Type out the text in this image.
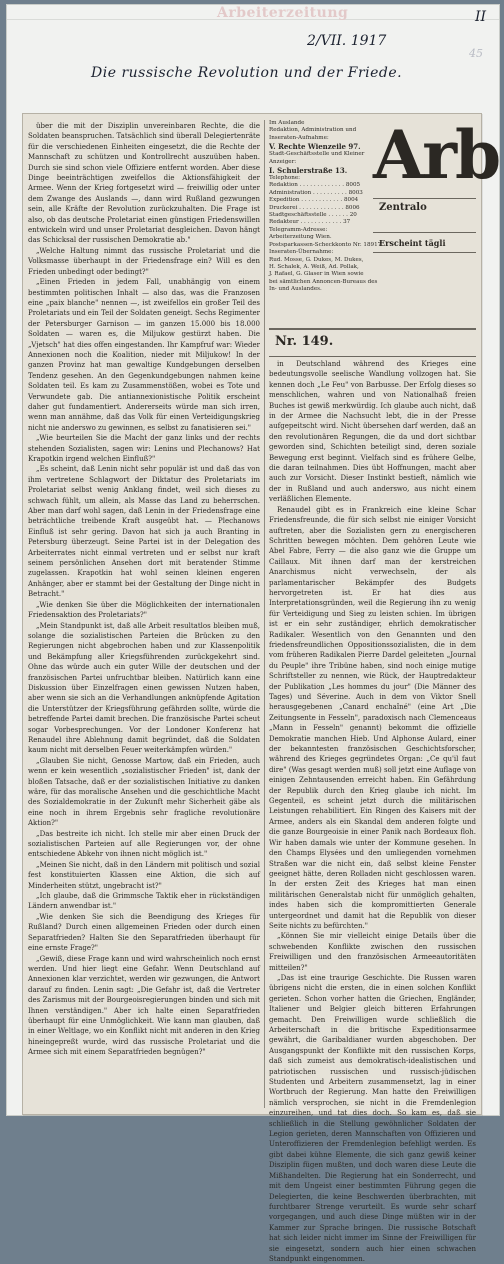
Arbeiterzeitung	II
2/VII. 1917
45
Die russische Revolution und der Friede.

über die mit der Disziplin unvereinbaren Rechte, die die Soldaten beanspruchen. Tatsächlich sind überall Delegiertenräte für die verschiedenen Einheiten eingesetzt, die die Rechte der Mannschaft zu schützen und Kontrollrecht auszuüben haben. Durch sie sind schon viele Offiziere entfernt worden. Aber diese Dinge beeinträchtigen zweifellos die Aktionsfähigkeit der Armee. Wenn der Krieg fortgesetzt wird — freiwillig oder unter dem Zwange des Auslands —, dann wird Rußland gezwungen sein, alle Kräfte der Revolution zurückzuhalten. Die Frage ist also, ob das deutsche Proletariat einen günstigen Friedenswillen entwickeln wird und unser Proletariat desgleichen. Davon hängt das Schicksal der russischen Demokratie ab."

„Welche Haltung nimmt das russische Proletariat und die Volksmasse überhaupt in der Friedensfrage ein? Will es den Frieden unbedingt oder bedingt?"

„Einen Frieden in jedem Fall, unabhängig von einem bestimmten politischen Inhalt — also das, was die Franzosen eine „paix blanche" nennen —, ist zweifellos ein großer Teil des Proletariats und ein Teil der Soldaten geneigt. Sechs Regimenter der Petersburger Garnison — im ganzen 15.000 bis 18.000 Soldaten — waren es, die Miljukow gestürzt haben. Die „Vjetsch" hat dies offen eingestanden. Ihr Kampfruf war: Wieder Annexionen noch die Koalition, nieder mit Miljukow! In der ganzen Provinz hat man gewaltige Kundgebungen derselben Tendenz gesehen. An den Gegenkundgebungen nahmen keine Soldaten teil. Es kam zu Zusammenstößen, wobei es Tote und Verwundete gab. Die antiannexionistische Politik erscheint daher gut fundamentiert. Andererseits würde man sich irren, wenn man annähme, daß das Volk für einen Verteidigungskrieg nicht nie anderswo zu gewinnen, es selbst zu fanatisieren sei."

„Wie beurteilen Sie die Macht der ganz links und der rechts stehenden Sozialisten, sagen wir: Lenins und Plechanows? Hat Krapotkin irgend welchen Einfluß?"

„Es scheint, daß Lenin nicht sehr populär ist und daß das von ihm vertretene Schlagwort der Diktatur des Proletariats im Proletariat selbst wenig Anklang findet, weil sich dieses zu schwach fühlt, um allein, als Masse das Land zu beherrschen. Aber man darf wohl sagen, daß Lenin in der Friedensfrage eine beträchtliche treibende Kraft ausgeübt hat. — Plechanows Einfluß ist sehr gering. Davon hat sich ja auch Branting in Petersburg überzeugt. Seine Partei ist in der Delegation des Arbeiterrates nicht einmal vertreten und er selbst nur kraft seinem persönlichen Ansehen dort mit beratender Stimme zugelassen. Krapotkin hat wohl seinen kleinen engeren Anhänger, aber er stammt bei der Gestaltung der Dinge nicht in Betracht."

„Wie denken Sie über die Möglichkeiten der internationalen Friedensaktion des Proletariats?"

„Mein Standpunkt ist, daß alle Arbeit resultatlos bleiben muß, solange die sozialistischen Parteien die Brücken zu den Regierungen nicht abgebrochen haben und zur Klassenpolitik und Bekämpfung aller Kriegsführenden zurückgekehrt sind. Ohne das würde auch ein guter Wille der deutschen und der französischen Partei unfruchtbar bleiben. Natürlich kann eine Diskussion über Einzelfragen einen gewissen Nutzen haben, aber wenn sie sich an die Verhandlungen anknüpfende Agitation die Unterstützer der Kriegsführung gefährden sollte, würde die betreffende Partei damit brechen. Die französische Partei scheut sogar Vorbesprechungen. Vor der Londoner Konferenz hat Renaudel ihre Ablehnung damit begründet, daß die Soldaten kaum nicht mit derselben Feuer weiterkämpfen würden."

„Glauben Sie nicht, Genosse Martow, daß ein Frieden, auch wenn er kein wesentlich „sozialistischer Frieden" ist, dank der bloßen Tatsache, daß er der sozialistischen Initiative zu danken wäre, für das moralische Ansehen und die geschichtliche Macht des Sozialdemokratie in der Zukunft mehr Sicherheit gäbe als eine noch in ihrem Ergebnis sehr fragliche revolutionäre Aktion?"

„Das bestreite ich nicht. Ich stelle mir aber einen Druck der sozialistischen Parteien auf alle Regierungen vor, der ohne entschiedene Abkehr von ihnen nicht möglich ist."

„Meinen Sie nicht, daß in den Ländern mit politisch und sozial fest konstituierten Klassen eine Aktion, die sich auf Minderheiten stützt, ungebracht ist?"

„Ich glaube, daß die Grimmsche Taktik eher in rückständigen Ländern anwendbar ist."

„Wie denken Sie sich die Beendigung des Krieges für Rußland? Durch einen allgemeinen Frieden oder durch einen Separatfrieden? Halten Sie den Separatfrieden überhaupt für eine ernste Frage?"

„Gewiß, diese Frage kann und wird wahrscheinlich noch ernst werden. Und hier liegt eine Gefahr. Wenn Deutschland auf Annexionen klar verzichtet, werden wir gezwungen, die Antwort darauf zu finden. Lenin sagt: „Die Gefahr ist, daß die Vertreter des Zarismus mit der Bourgeoisregierungen binden und sich mit Ihnen verständigen." Aber ich halte einen Separatfrieden überhaupt für eine Unmöglichkeit. Wie kann man glauben, daß in einer Weltlage, wo ein Konflikt nicht mit anderen in den Krieg hineingepreßt wurde, wird das russische Proletariat und die Armee sich mit einem Separatfrieden begnügen?"

Im Auslande
Redaktion, Administration und
Inseraten-Aufnahme:
V. Rechte Wienzeile 97.
Stadt-Geschäftsstelle und Kleiner
Anzeiger:
I. Schulerstraße 13.
Telephone:
Redaktion . . . . . . . . . . . . . 8005
Administration . . . . . . . . . . 8003
Expedition . . . . . . . . . . . . 8004
Druckerei . . . . . . . . . . . . . 8006
Stadtgeschäftsstelle . . . . . . 20
Redakteur . . . . . . . . . . . . 37
Telegramm-Adresse:
Arbeiterzeitung Wien.
Postsparkassen-Scheckkonto Nr. 18917.
Inseraten-Übernahme:
Rud. Mosse, G. Dukes, M. Dukes,
H. Schalek, A. Weiß, Ad. Pollak,
J. Rafael, G. Glaser in Wien sowie
bei sämtlichen Annoncen-Bureaus des
In- und Auslandes.
Arb
Zentralo
Erscheint tägli
Nr. 149.

in Deutschland während des Krieges eine bedeutungsvolle seelische Wandlung vollzogen hat. Sie kennen doch „Le Feu" von Barbusse. Der Erfolg dieses so menschlichen, wahren und von Nationalhaß freien Buches ist gewiß merkwürdig. Ich glaube auch nicht, daß in der Armee die Nachsucht lebt, die in der Presse aufgepeitscht wird. Nicht übersehen darf werden, daß an den revolutionären Regungen, die da und dort sichtbar geworden sind, Schichten beteiligt sind, deren soziale Bewegung erst beginnt. Vielfach sind es frühere Gelbe, die daran teilnahmen. Dies übt Hoffnungen, macht aber auch zur Vorsicht. Dieser Instinkt bestieft, nämlich wie der in Rußland und auch anderswo, aus nicht einem verläßlichen Elemente.

Renaudel gibt es in Frankreich eine kleine Schar Friedensfreunde, die für sich selbst nie einiger Vorsicht auftreten, aber die Sozialisten gern zu energischeren Schritten bewegen möchten. Dem gehören Leute wie Abel Fabre, Ferry — die also ganz wie die Gruppe um Caillaux. Mit ihnen darf man der kerstreichen Anarchismus nicht verwechseln, der als parlamentarischer Bekämpfer des Budgets hervorgetreten ist. Er hat dies aus Interpretationsgründen, weil die Regierung ihn zu wenig für Verteidigung und Sieg zu leisten schien. Im übrigen ist er ein sehr zuständiger, ehrlich demokratischer Radikaler. Wesentlich von den Genannten und den friedensfreundlichen Oppositionssozialisten, die in dem vom früheren Radikalen Pierre Dardel geleiteten „Journal du Peuple" ihre Tribüne haben, sind noch einige mutige Schriftsteller zu nennen, wie Rück, der Hauptredakteur der Publikation „Les hommes du jour" (Die Männer des Tages) und Séverine. Auch in dem von Viktor Snell herausgegebenen „Canard enchaîné" (eine Art „Die Zeitungsente in Fesseln", paradoxisch nach Clemenceaus „Mann in Fesseln" genannt) bekommt die offizielle Demokratie manchen Hieb. Und Alphonse Aulard, einer der bekanntesten französischen Geschichtsforscher, während des Krieges gegründetes Organ: „Ce qu'il faut dire" (Was gesagt werden muß) soll jetzt eine Auflage von einigen Zehntausenden erreicht haben. Ein Gefährdung der Republik durch den Krieg glaube ich nicht. Im Gegenteil, es scheint jetzt durch die militärischen Leistungen rehabilitiert. Ein Ringen des Kaisers mit der Armee, anders als ein Skandal dem anderen folgte und die ganze Bourgeoisie in einer Panik nach Bordeaux floh. Wir haben damals wie unter der Kommune gesehen. In den Champs Elysées und den umliegenden vornehmen Straßen war die nicht ein, daß selbst kleine Fenster geeignet hätte, deren Rolladen nicht geschlossen waren. In der ersten Zeit des Krieges hat man einen militärischen Generalstab nicht für unmöglich gehalten, indes haben sich die kompromittierten Generale untergeordnet und damit hat die Republik von dieser Seite nichts zu befürchten."

„Können Sie mir vielleicht einige Details über die schwebenden Konflikte zwischen den russischen Freiwilligen und den französischen Armeeautoritäten mitteilen?"

„Das ist eine traurige Geschichte. Die Russen waren übrigens nicht die ersten, die in einen solchen Konflikt gerieten. Schon vorher hatten die Griechen, Engländer, Italiener und Belgier gleich bitteren Erfahrungen gemacht. Den Freiwilligen wurde schließlich die Arbeiterschaft in die britische Expeditionsarmee gewährt, die Garibaldianer wurden abgeschoben. Der Ausgangspunkt der Konflikte mit den russischen Korps, daß sich zumeist aus demokratisch-idealistischen und patriotischen russischen und russisch-jüdischen Studenten und Arbeitern zusammensetzt, lag in einer Wortbruch der Regierung. Man hatte den Freiwilligen nämlich versprochen, sie nicht in die Fremdenlegion einzureihen, und tat dies doch. So kam es, daß sie schließlich in die Stellung gewöhnlicher Soldaten der Legion gerieten, deren Mannschaften von Offizieren und Unteroffizieren der Fremdenlegion befehligt werden. Es gibt dabei kühne Elemente, die sich ganz gewiß keiner Disziplin fügen mußten, und doch waren diese Leute die Mißhandelten. Die Regierung hat ein Sonderrecht, und mit dem Ungeist einer bestimmten Führung gegen die Delegierten, die keine Beschwerden überbrachten, mit furchtbarer Strenge verurteilt. Es wurde sehr scharf vorgegangen, und auch diese Dinge müßten wir in der Kammer zur Sprache bringen. Die russische Botschaft hat sich leider nicht immer im Sinne der Freiwilligen für sie eingesetzt, sondern auch hier einen schwachen Standpunkt eingenommen.
